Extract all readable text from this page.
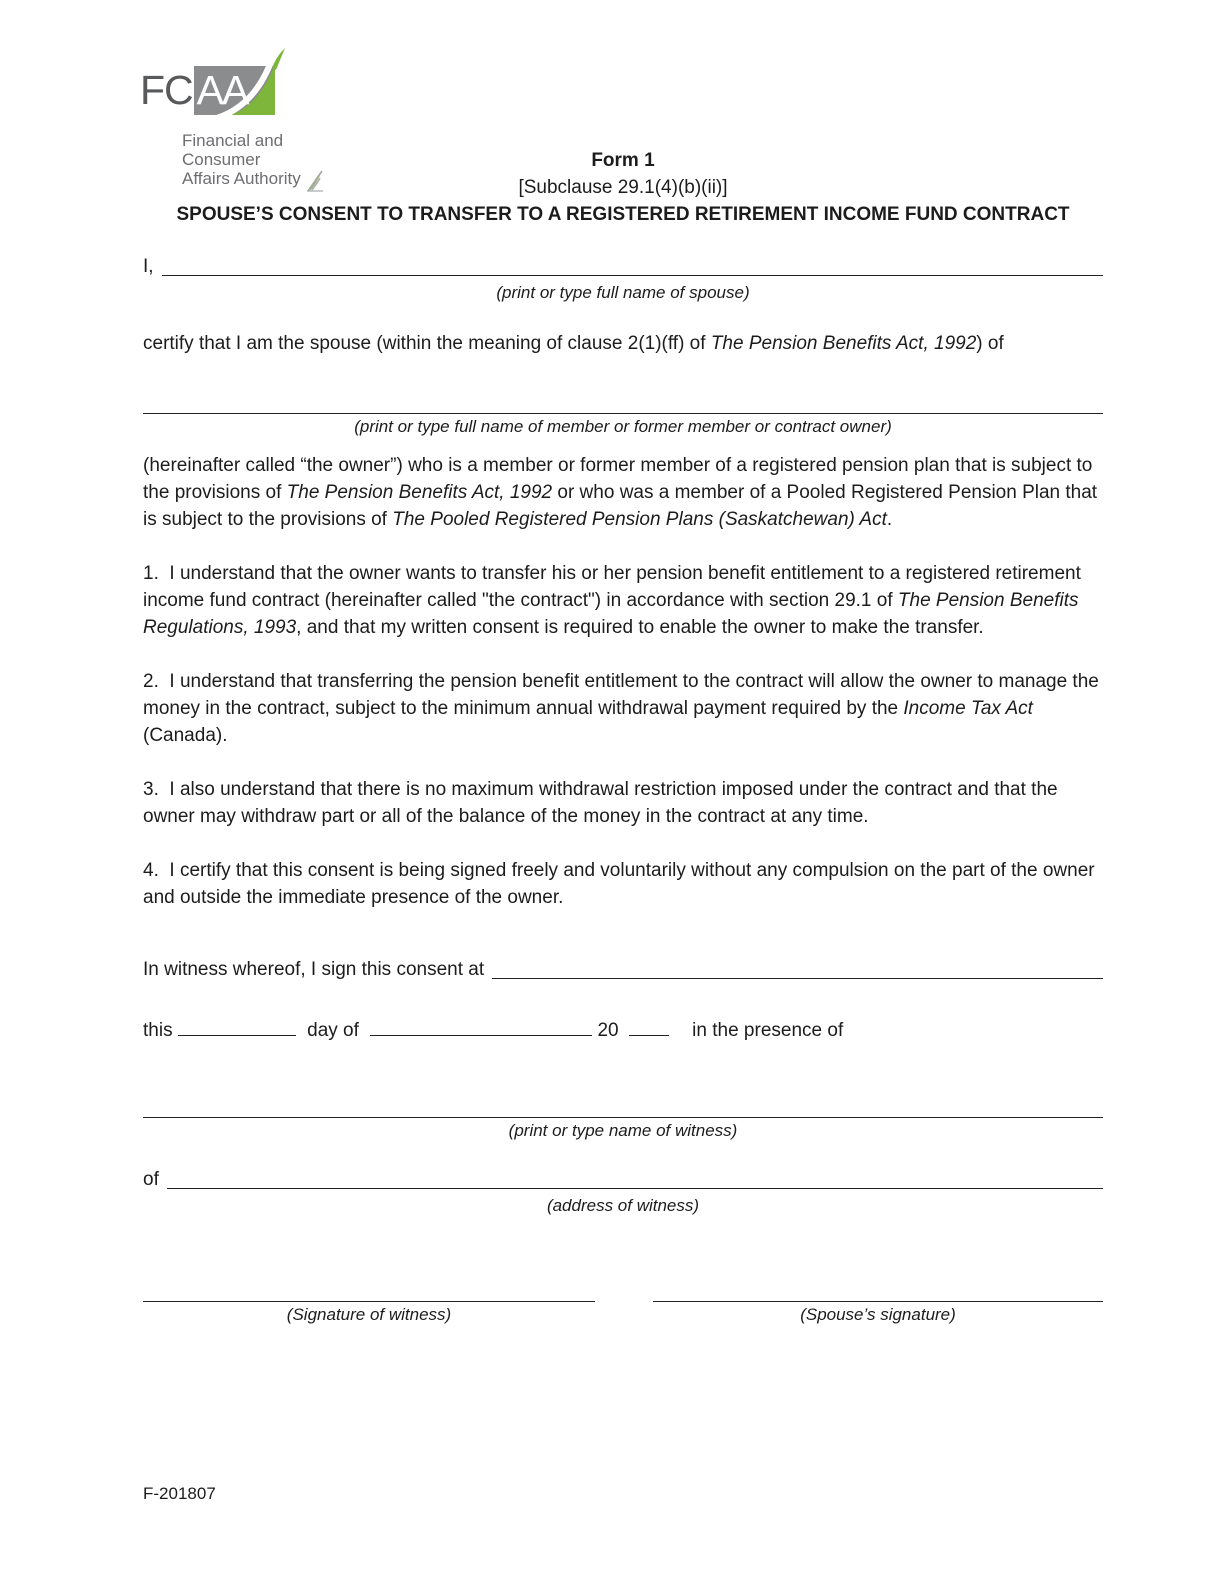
FC AA
Financial and
Consumer
Affairs Authority
Form 1
[Subclause 29.1(4)(b)(ii)]
SPOUSE’S CONSENT TO TRANSFER TO A REGISTERED RETIREMENT INCOME FUND CONTRACT
I,
(print or type full name of spouse)

certify that I am the spouse (within the meaning of clause 2(1)(ff) of The Pension Benefits Act, 1992) of

(print or type full name of member or former member or contract owner)

(hereinafter called “the owner”) who is a member or former member of a registered pension plan that is subject to the provisions of The Pension Benefits Act, 1992 or who was a member of a Pooled Registered Pension Plan that is subject to the provisions of The Pooled Registered Pension Plans (Saskatchewan) Act.

1.  I understand that the owner wants to transfer his or her pension benefit entitlement to a registered retirement income fund contract (hereinafter called "the contract") in accordance with section 29.1 of The Pension Benefits Regulations, 1993, and that my written consent is required to enable the owner to make the transfer.

2.  I understand that transferring the pension benefit entitlement to the contract will allow the owner to manage the money in the contract, subject to the minimum annual withdrawal payment required by the Income Tax Act (Canada).

3.  I also understand that there is no maximum withdrawal restriction imposed under the contract and that the owner may withdraw part or all of the balance of the money in the contract at any time.

4.  I certify that this consent is being signed freely and voluntarily without any compulsion on the part of the owner and outside the immediate presence of the owner.

In witness whereof, I sign this consent at
this	day of	20	in the presence of
(print or type name of witness)
of
(address of witness)
(Signature of witness)	(Spouse’s signature)
F-201807
